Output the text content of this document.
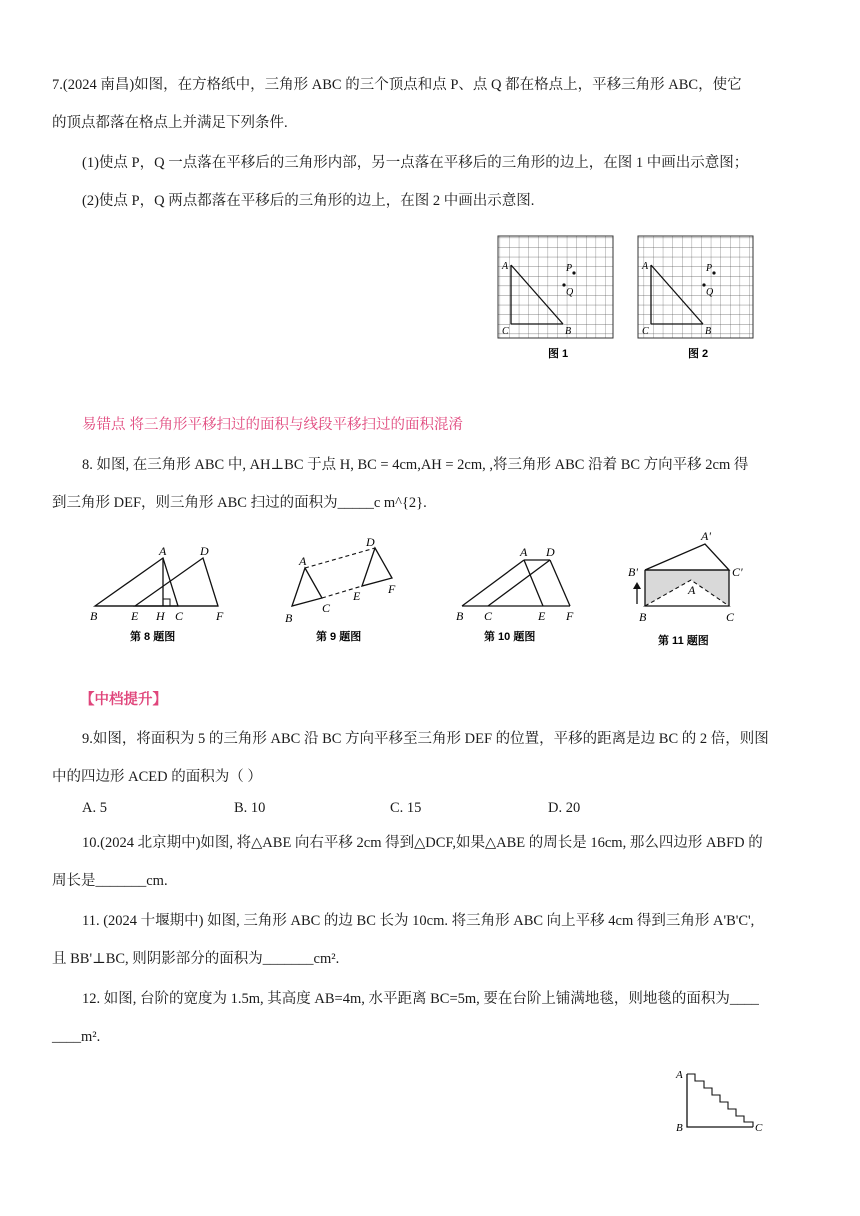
7.(2024 南昌)如图，在方格纸中，三角形 ABC 的三个顶点和点 P、点 Q 都在格点上，平移三角形 ABC，使它
的顶点都落在格点上并满足下列条件.
(1)使点 P，Q 一点落在平移后的三角形内部，另一点落在平移后的三角形的边上，在图 1 中画出示意图；
(2)使点 P，Q 两点都落在平移后的三角形的边上，在图 2 中画出示意图.
A
C	B
P
Q
图 1
A
C	B
P
Q
图 2
易错点 将三角形平移扫过的面积与线段平移扫过的面积混淆
8. 如图, 在三角形 ABC 中, AH⊥BC 于点 H, BC = 4cm,AH = 2cm, ,将三角形 ABC 沿着 BC 方向平移 2cm 得
到三角形 DEF，则三角形 ABC 扫过的面积为_____c m^{2}.
A	D
B	E H C	F
第 8 题图
A
D
B
C
E F
第 9 题图
A D
B C	E F
第 10 题图
A'
B'	C'
A
B	C
第 11 题图
【中档提升】
9.如图，将面积为 5 的三角形 ABC 沿 BC 方向平移至三角形 DEF 的位置，平移的距离是边 BC 的 2 倍，则图
中的四边形 ACED 的面积为（ ）
A. 5	B. 10	C. 15	D. 20
10.(2024 北京期中)如图, 将△ABE 向右平移 2cm 得到△DCF,如果△ABE 的周长是 16cm, 那么四边形 ABFD 的
周长是_______cm.
11. (2024 十堰期中) 如图, 三角形 ABC 的边 BC 长为 10cm. 将三角形 ABC 向上平移 4cm 得到三角形 A'B'C',
且 BB'⊥BC, 则阴影部分的面积为_______cm².
12. 如图, 台阶的宽度为 1.5m, 其高度 AB=4m, 水平距离 BC=5m, 要在台阶上铺满地毯，则地毯的面积为____
____m².
A
B	C
